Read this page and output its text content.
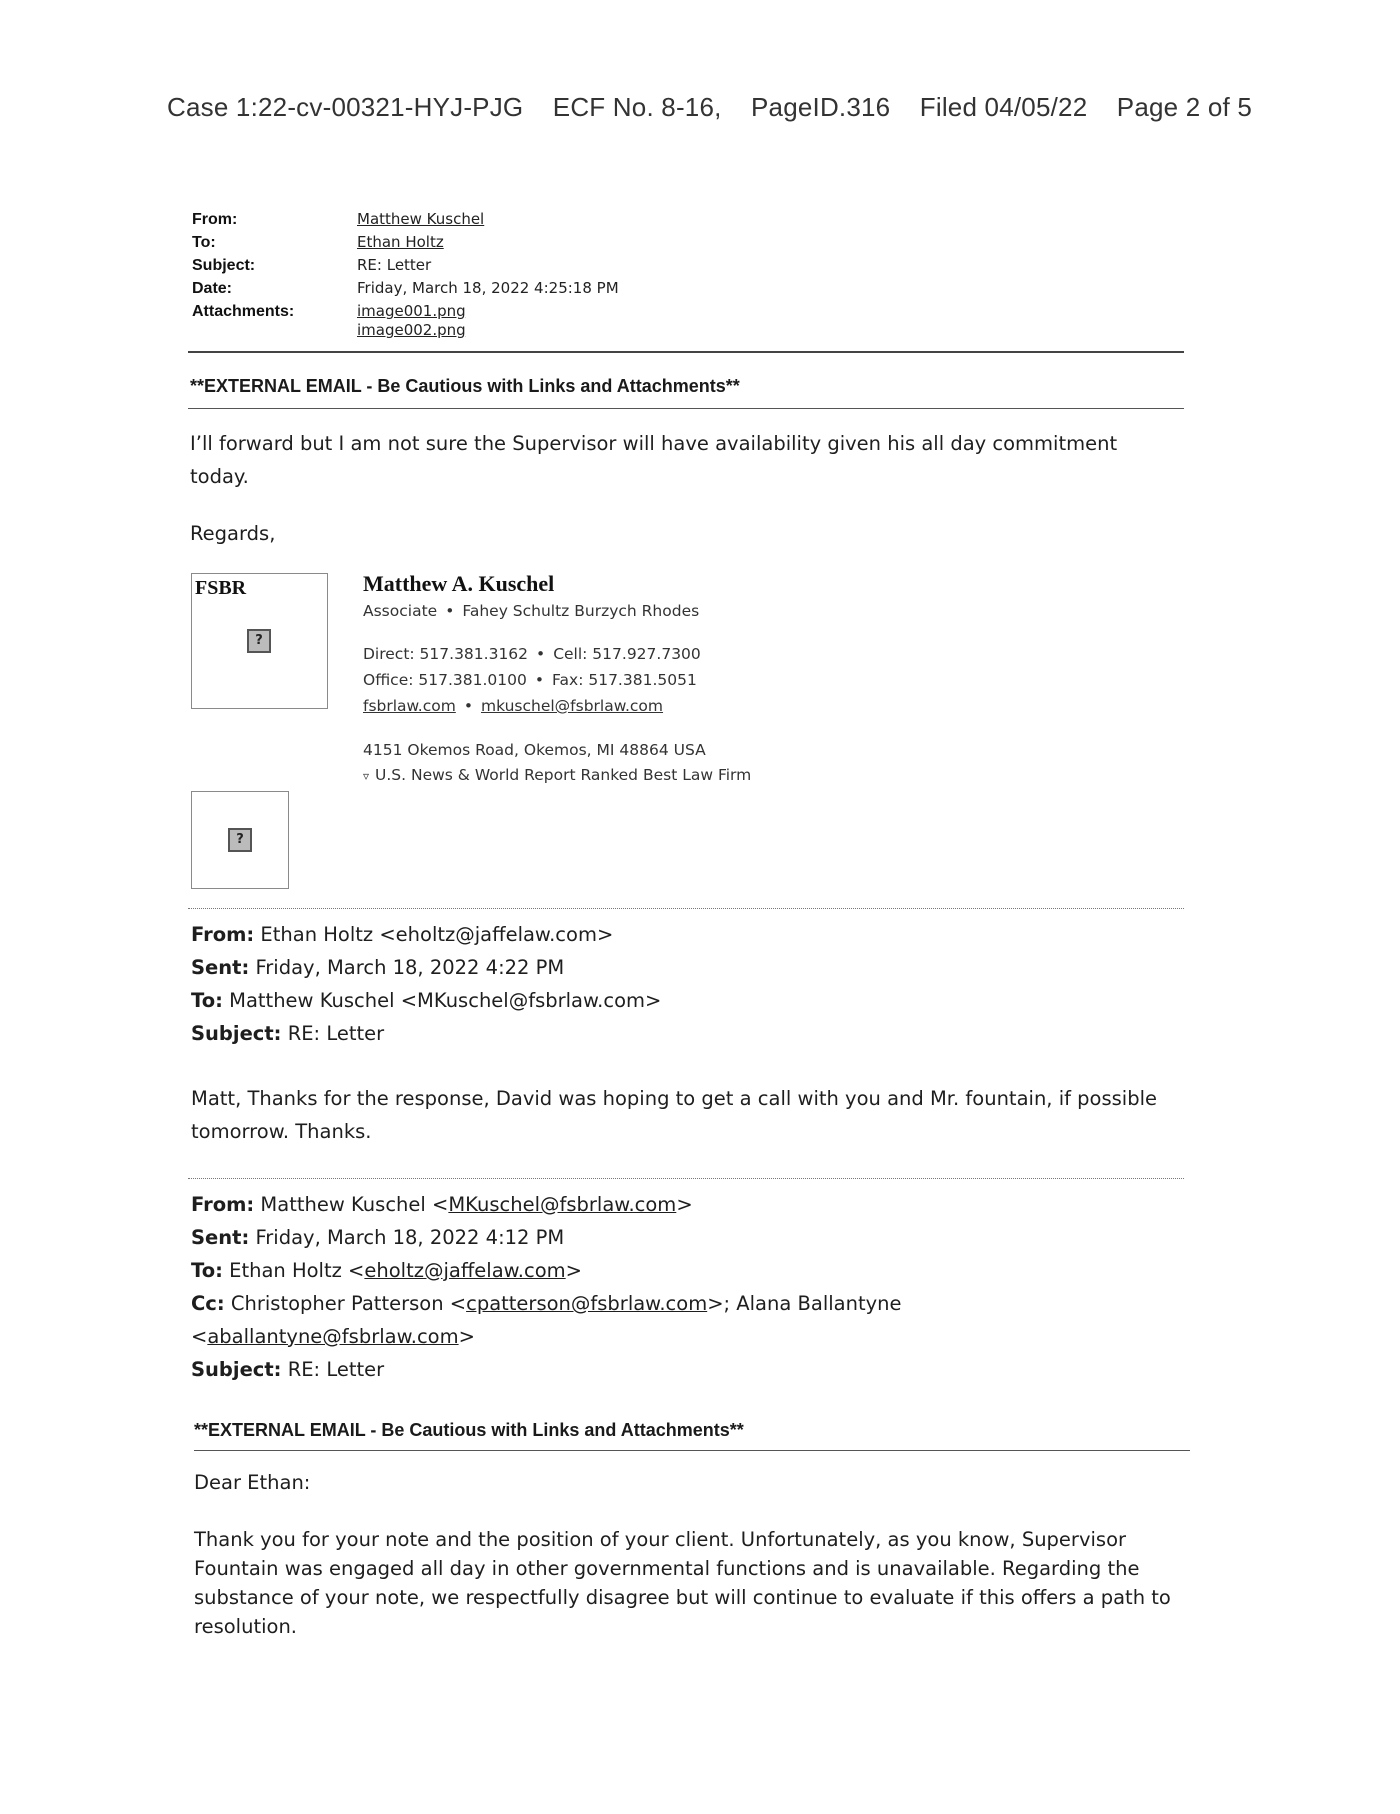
Case 1:22-cv-00321-HYJ-PJG ECF No. 8-16, PageID.316 Filed 04/05/22 Page 2 of 5
From:	Matthew Kuschel
To:	Ethan Holtz
Subject:	RE: Letter
Date:	Friday, March 18, 2022 4:25:18 PM
Attachments:	image001.png
image002.png
**EXTERNAL EMAIL - Be Cautious with Links and Attachments**
I’ll forward but I am not sure the Supervisor will have availability given his all day commitment
today.
Regards,
FSBR
?
Matthew A. Kuschel
Associate • Fahey Schultz Burzych Rhodes
Direct: 517.381.3162 • Cell: 517.927.7300
Office: 517.381.0100 • Fax: 517.381.5051
fsbrlaw.com • mkuschel@fsbrlaw.com
4151 Okemos Road, Okemos, MI 48864 USA
▿ U.S. News & World Report Ranked Best Law Firm
?
From: Ethan Holtz <eholtz@jaffelaw.com>
Sent: Friday, March 18, 2022 4:22 PM
To: Matthew Kuschel <MKuschel@fsbrlaw.com>
Subject: RE: Letter
Matt, Thanks for the response, David was hoping to get a call with you and Mr. fountain, if possible
tomorrow. Thanks.
From: Matthew Kuschel <MKuschel@fsbrlaw.com>
Sent: Friday, March 18, 2022 4:12 PM
To: Ethan Holtz <eholtz@jaffelaw.com>
Cc: Christopher Patterson <cpatterson@fsbrlaw.com>; Alana Ballantyne
<aballantyne@fsbrlaw.com>
Subject: RE: Letter
**EXTERNAL EMAIL - Be Cautious with Links and Attachments**
Dear Ethan:
Thank you for your note and the position of your client. Unfortunately, as you know, Supervisor
Fountain was engaged all day in other governmental functions and is unavailable. Regarding the
substance of your note, we respectfully disagree but will continue to evaluate if this offers a path to
resolution.
